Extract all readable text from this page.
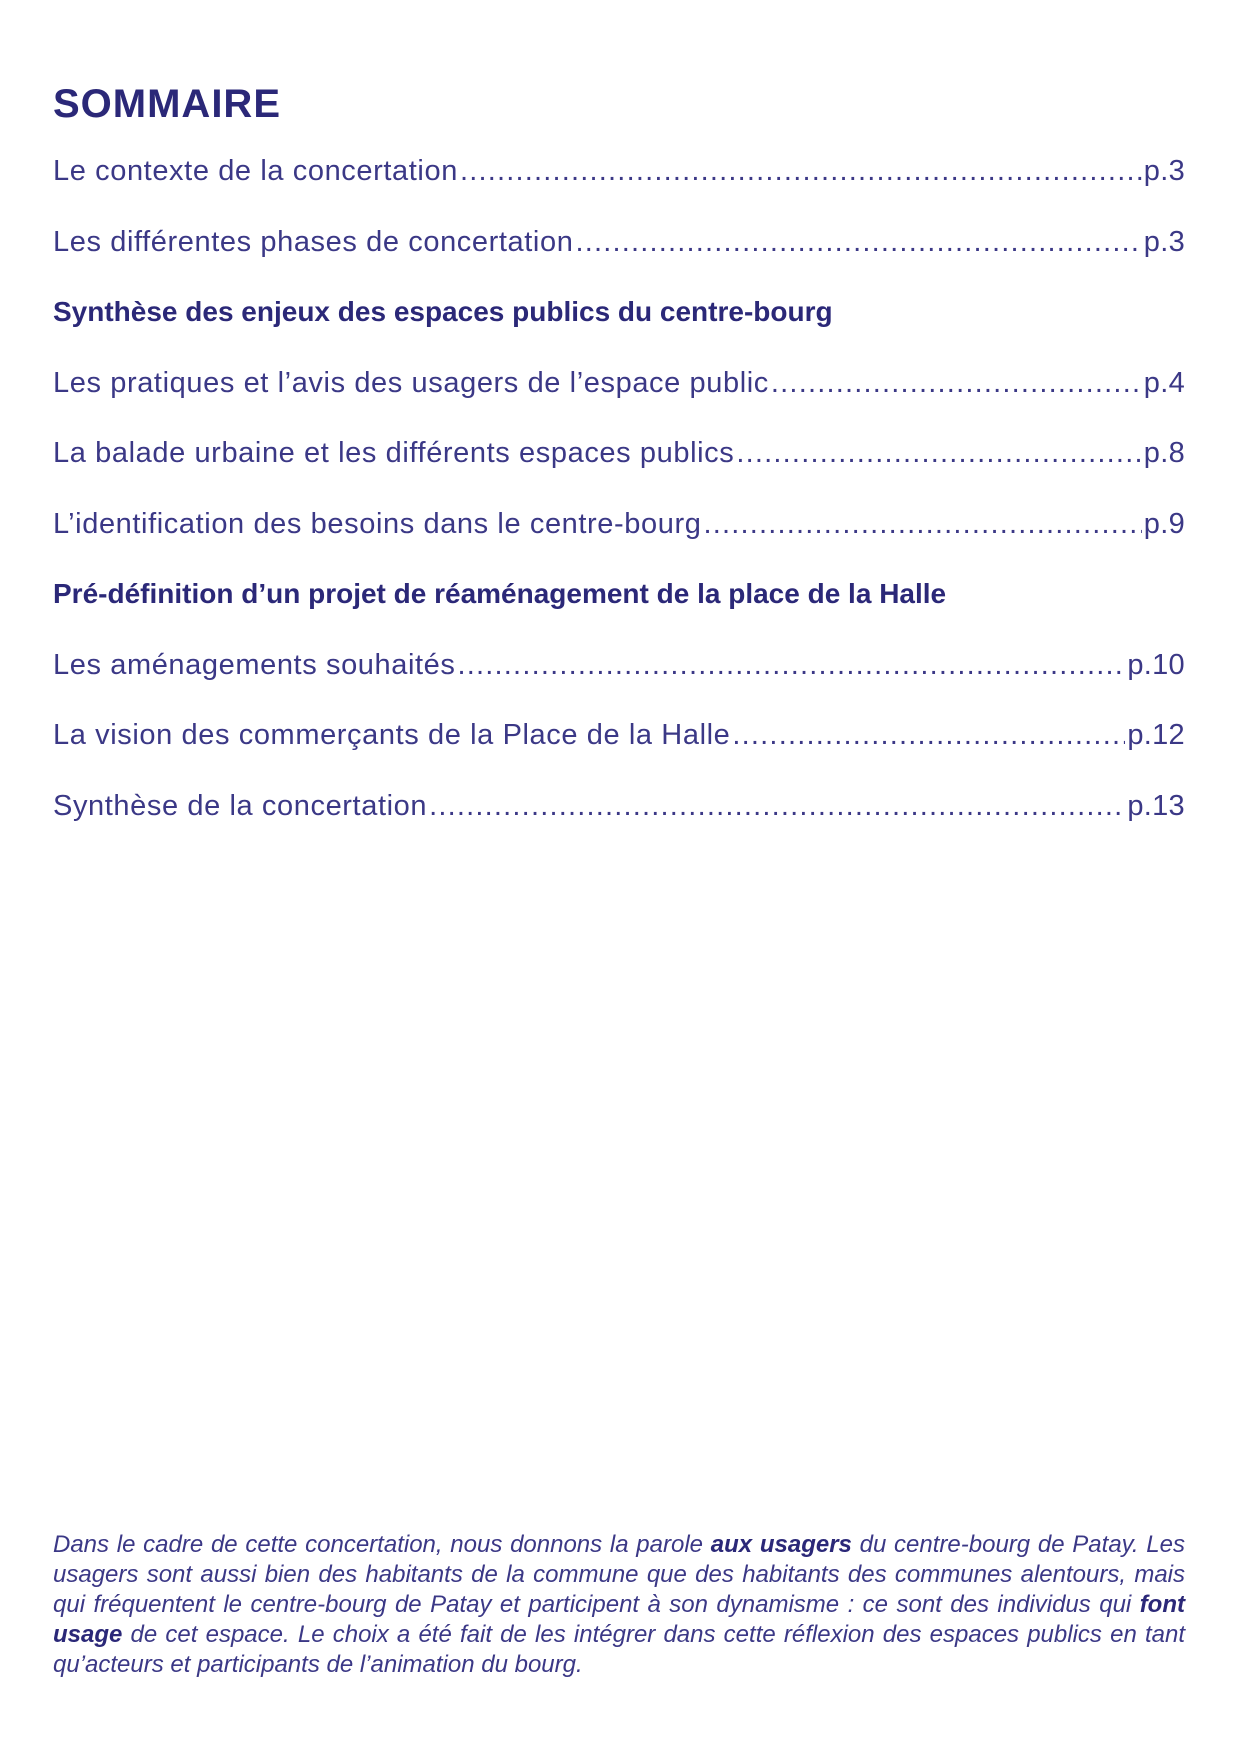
SOMMAIRE
Le contexte de la concertation .....	p.3
Les différentes phases de concertation .....	p.3
Synthèse des enjeux des espaces publics du centre-bourg
Les pratiques et l’avis des usagers de l’espace public .....	p.4
La balade urbaine et les différents espaces publics .....	p.8
L’identification des besoins dans le centre-bourg .....	p.9
Pré-définition d’un projet de réaménagement de la place de la Halle
Les aménagements souhaités .....	p.10
La vision des commerçants de la Place de la Halle .....	p.12
Synthèse de la concertation .....	p.13

Dans le cadre de cette concertation, nous donnons la parole aux usagers du centre-bourg de Patay. Les usagers sont aussi bien des habitants de la commune que des habitants des communes alentours, mais qui fréquentent le centre-bourg de Patay et participent à son dynamisme : ce sont des individus qui font usage de cet espace. Le choix a été fait de les intégrer dans cette réflexion des espaces publics en tant qu’acteurs et participants de l’animation du bourg.
